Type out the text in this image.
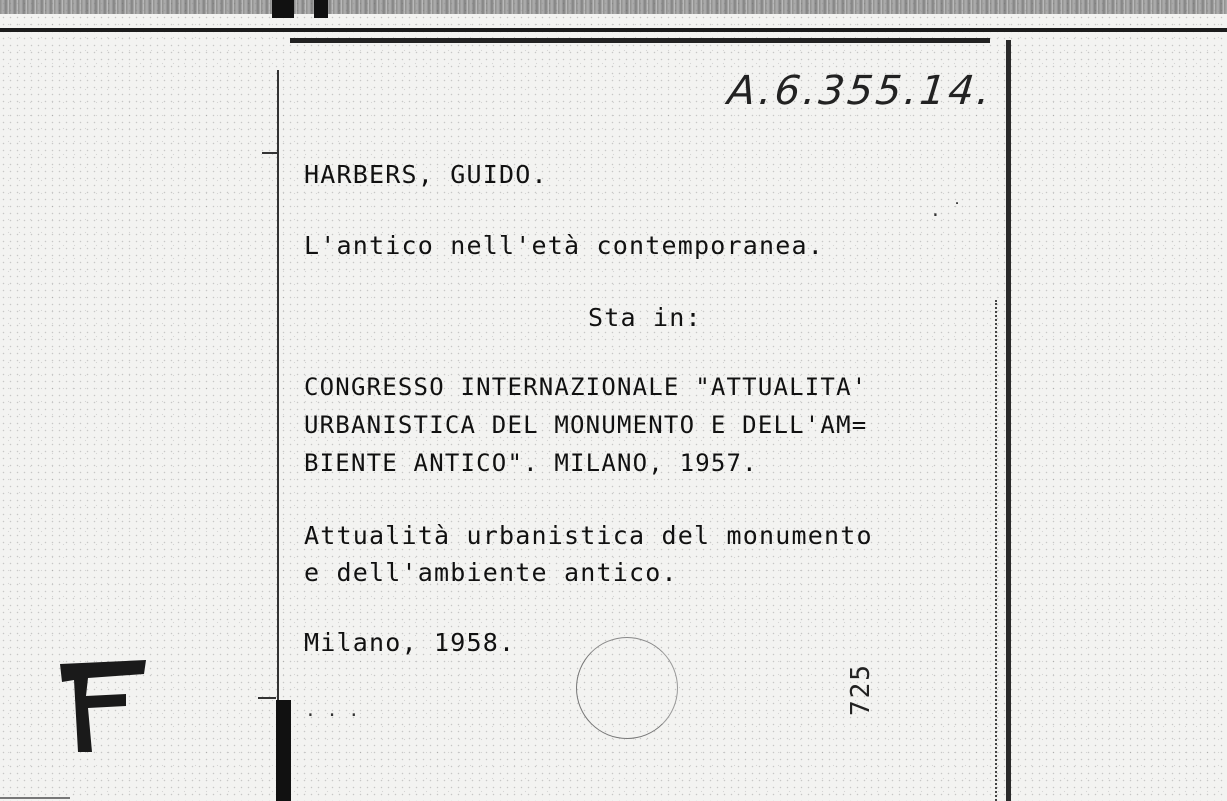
A.6.355.14.
HARBERS, GUIDO.
L'antico nell'età contemporanea.
Sta in:
CONGRESSO INTERNAZIONALE "ATTUALITA'
URBANISTICA DEL MONUMENTO E DELL'AM=
BIENTE ANTICO". MILANO, 1957.
Attualità urbanistica del monumento
e dell'ambiente antico.
Milano, 1958.
725
. . .
. ˙
